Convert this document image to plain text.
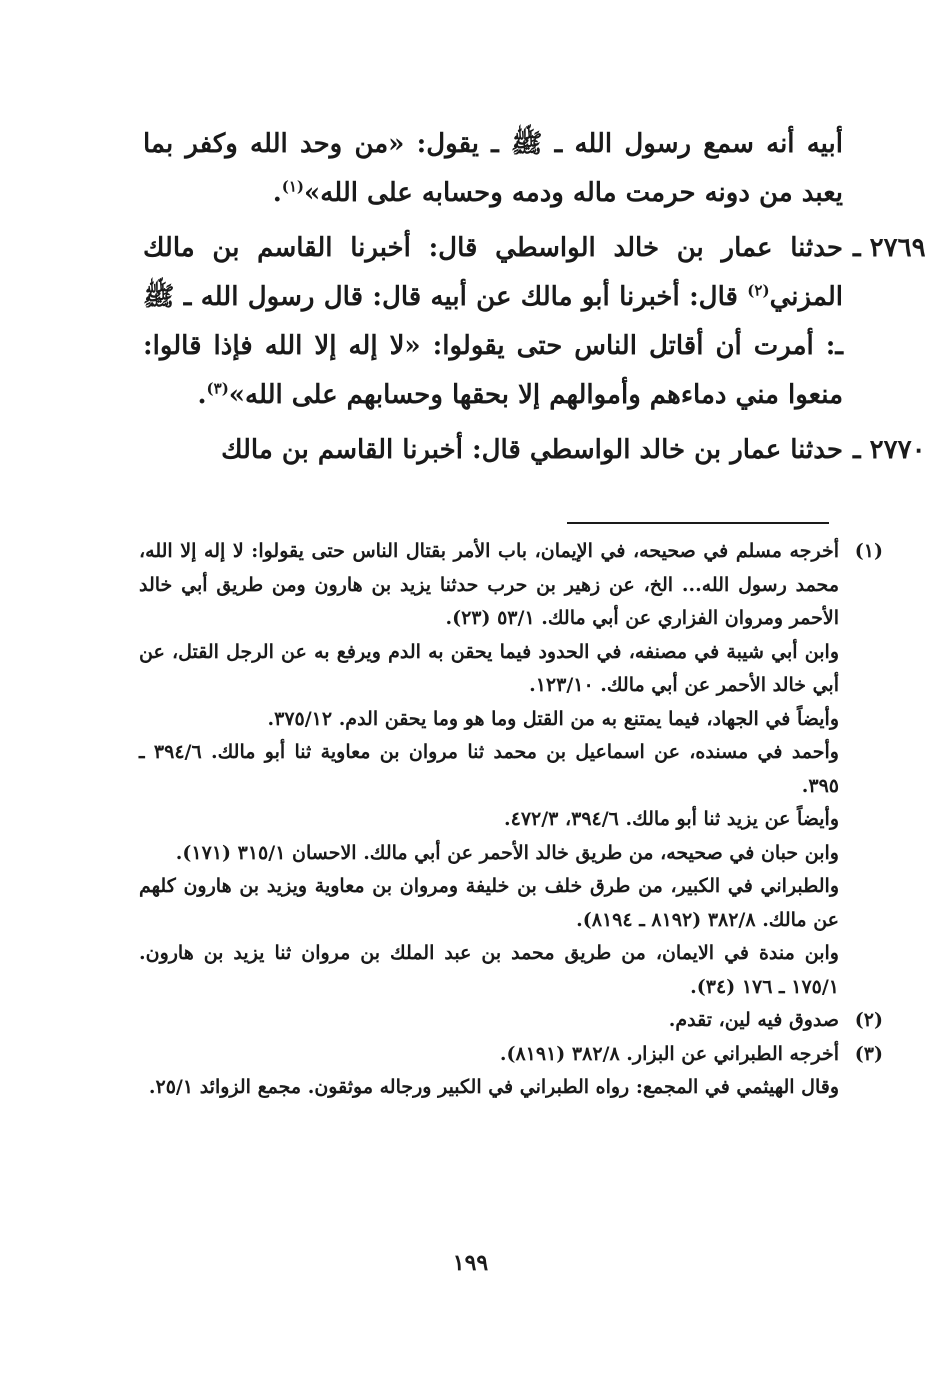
أبيه أنه سمع رسول الله ـ ﷺ ـ يقول: «من وحد الله وكفر بما يعبد من دونه حرمت ماله ودمه وحسابه على الله»$^{(١)}$.

٢٧٦٩ ـ
حدثنا عمار بن خالد الواسطي قال: أخبرنا القاسم بن مالك المزني$^{(٢)}$ قال: أخبرنا أبو مالك عن أبيه قال: قال رسول الله ـ ﷺ ـ: أمرت أن أقاتل الناس حتى يقولوا: «لا إله إلا الله فإذا قالوا: منعوا مني دماءهم وأموالهم إلا بحقها وحسابهم على الله»$^{(٣)}$.

٢٧٧٠ ـ
حدثنا عمار بن خالد الواسطي قال: أخبرنا القاسم بن مالك

(١)
أخرجه مسلم في صحيحه، في الإيمان، باب الأمر بقتال الناس حتى يقولوا: لا إله إلا الله، محمد رسول الله... الخ، عن زهير بن حرب حدثنا يزيد بن هارون ومن طريق أبي خالد الأحمر ومروان الفزاري عن أبي مالك. ٥٣/١ (٢٣).

وابن أبي شيبة في مصنفه، في الحدود فيما يحقن به الدم ويرفع به عن الرجل القتل، عن أبي خالد الأحمر عن أبي مالك. ١٢٣/١٠.

وأيضاً في الجهاد، فيما يمتنع به من القتل وما هو وما يحقن الدم. ٣٧٥/١٢.

وأحمد في مسنده، عن اسماعيل بن محمد ثنا مروان بن معاوية ثنا أبو مالك. ٣٩٤/٦ ـ ٣٩٥.

وأيضاً عن يزيد ثنا أبو مالك. ٣٩٤/٦، ٤٧٢/٣.

وابن حبان في صحيحه، من طريق خالد الأحمر عن أبي مالك. الاحسان ٣١٥/١ (١٧١).

والطبراني في الكبير، من طرق خلف بن خليفة ومروان بن معاوية ويزيد بن هارون كلهم عن مالك. ٣٨٢/٨ (٨١٩٢ ـ ٨١٩٤).

وابن مندة في الايمان، من طريق محمد بن عبد الملك بن مروان ثنا يزيد بن هارون. ١٧٥/١ ـ ١٧٦ (٣٤).

(٢)
صدوق فيه لين، تقدم.

(٣)
أخرجه الطبراني عن البزار. ٣٨٢/٨ (٨١٩١).

وقال الهيثمي في المجمع: رواه الطبراني في الكبير ورجاله موثقون. مجمع الزوائد ٢٥/١.

١٩٩
